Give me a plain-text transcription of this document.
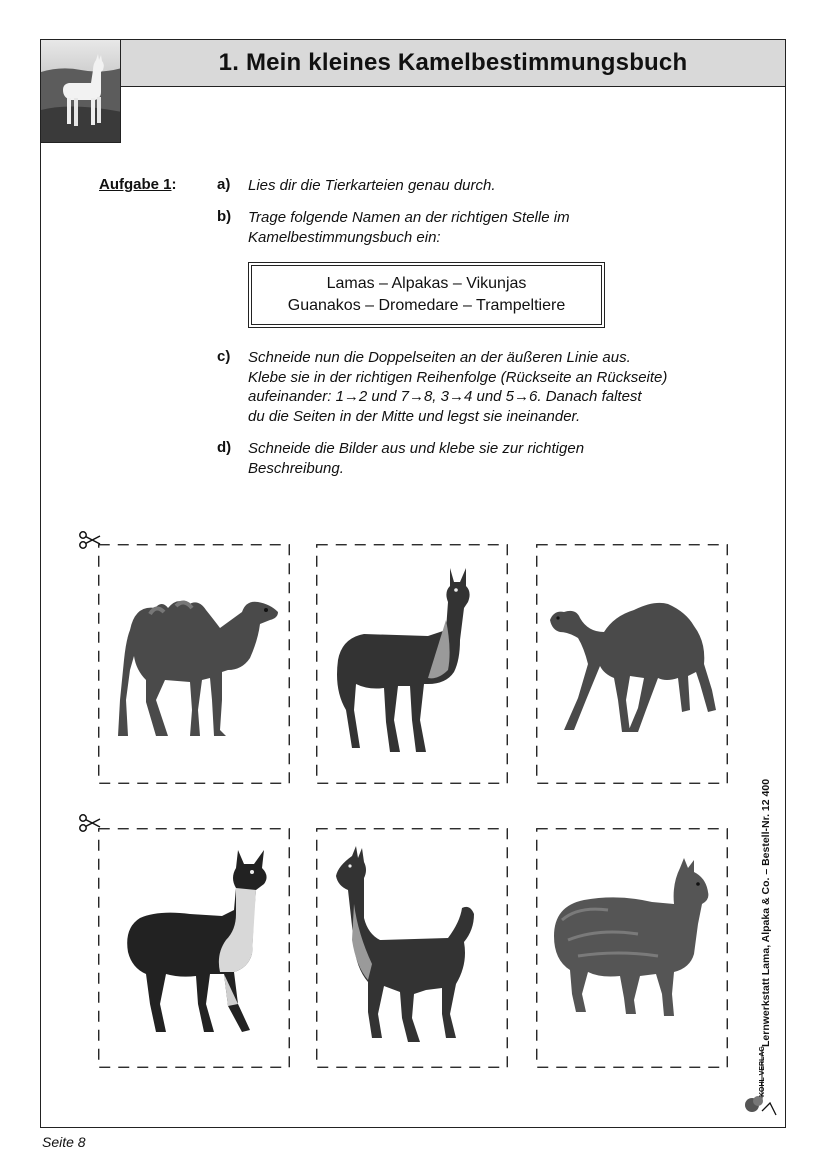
1. Mein kleines Kamelbestimmungsbuch
Aufgabe 1:	a) Lies dir die Tierkarteien genau durch.
b) Trage folgende Namen an der richtigen Stelle im
Kamelbestimmungsbuch ein:
Lamas – Alpakas – Vikunjas
Guanakos – Dromedare – Trampeltiere
c) Schneide nun die Doppelseiten an der äußeren Linie aus.
Klebe sie in der richtigen Reihenfolge (Rückseite an Rückseite)
aufeinander: 1→2 und 7→8, 3→4 und 5→6. Danach faltest
du die Seiten in der Mitte und legst sie ineinander.
d) Schneide die Bilder aus und klebe sie zur richtigen
Beschreibung.
Lernwerkstatt Lama, Alpaka & Co. – Bestell-Nr. 12 400
KOHL VERLAG
Seite 8
